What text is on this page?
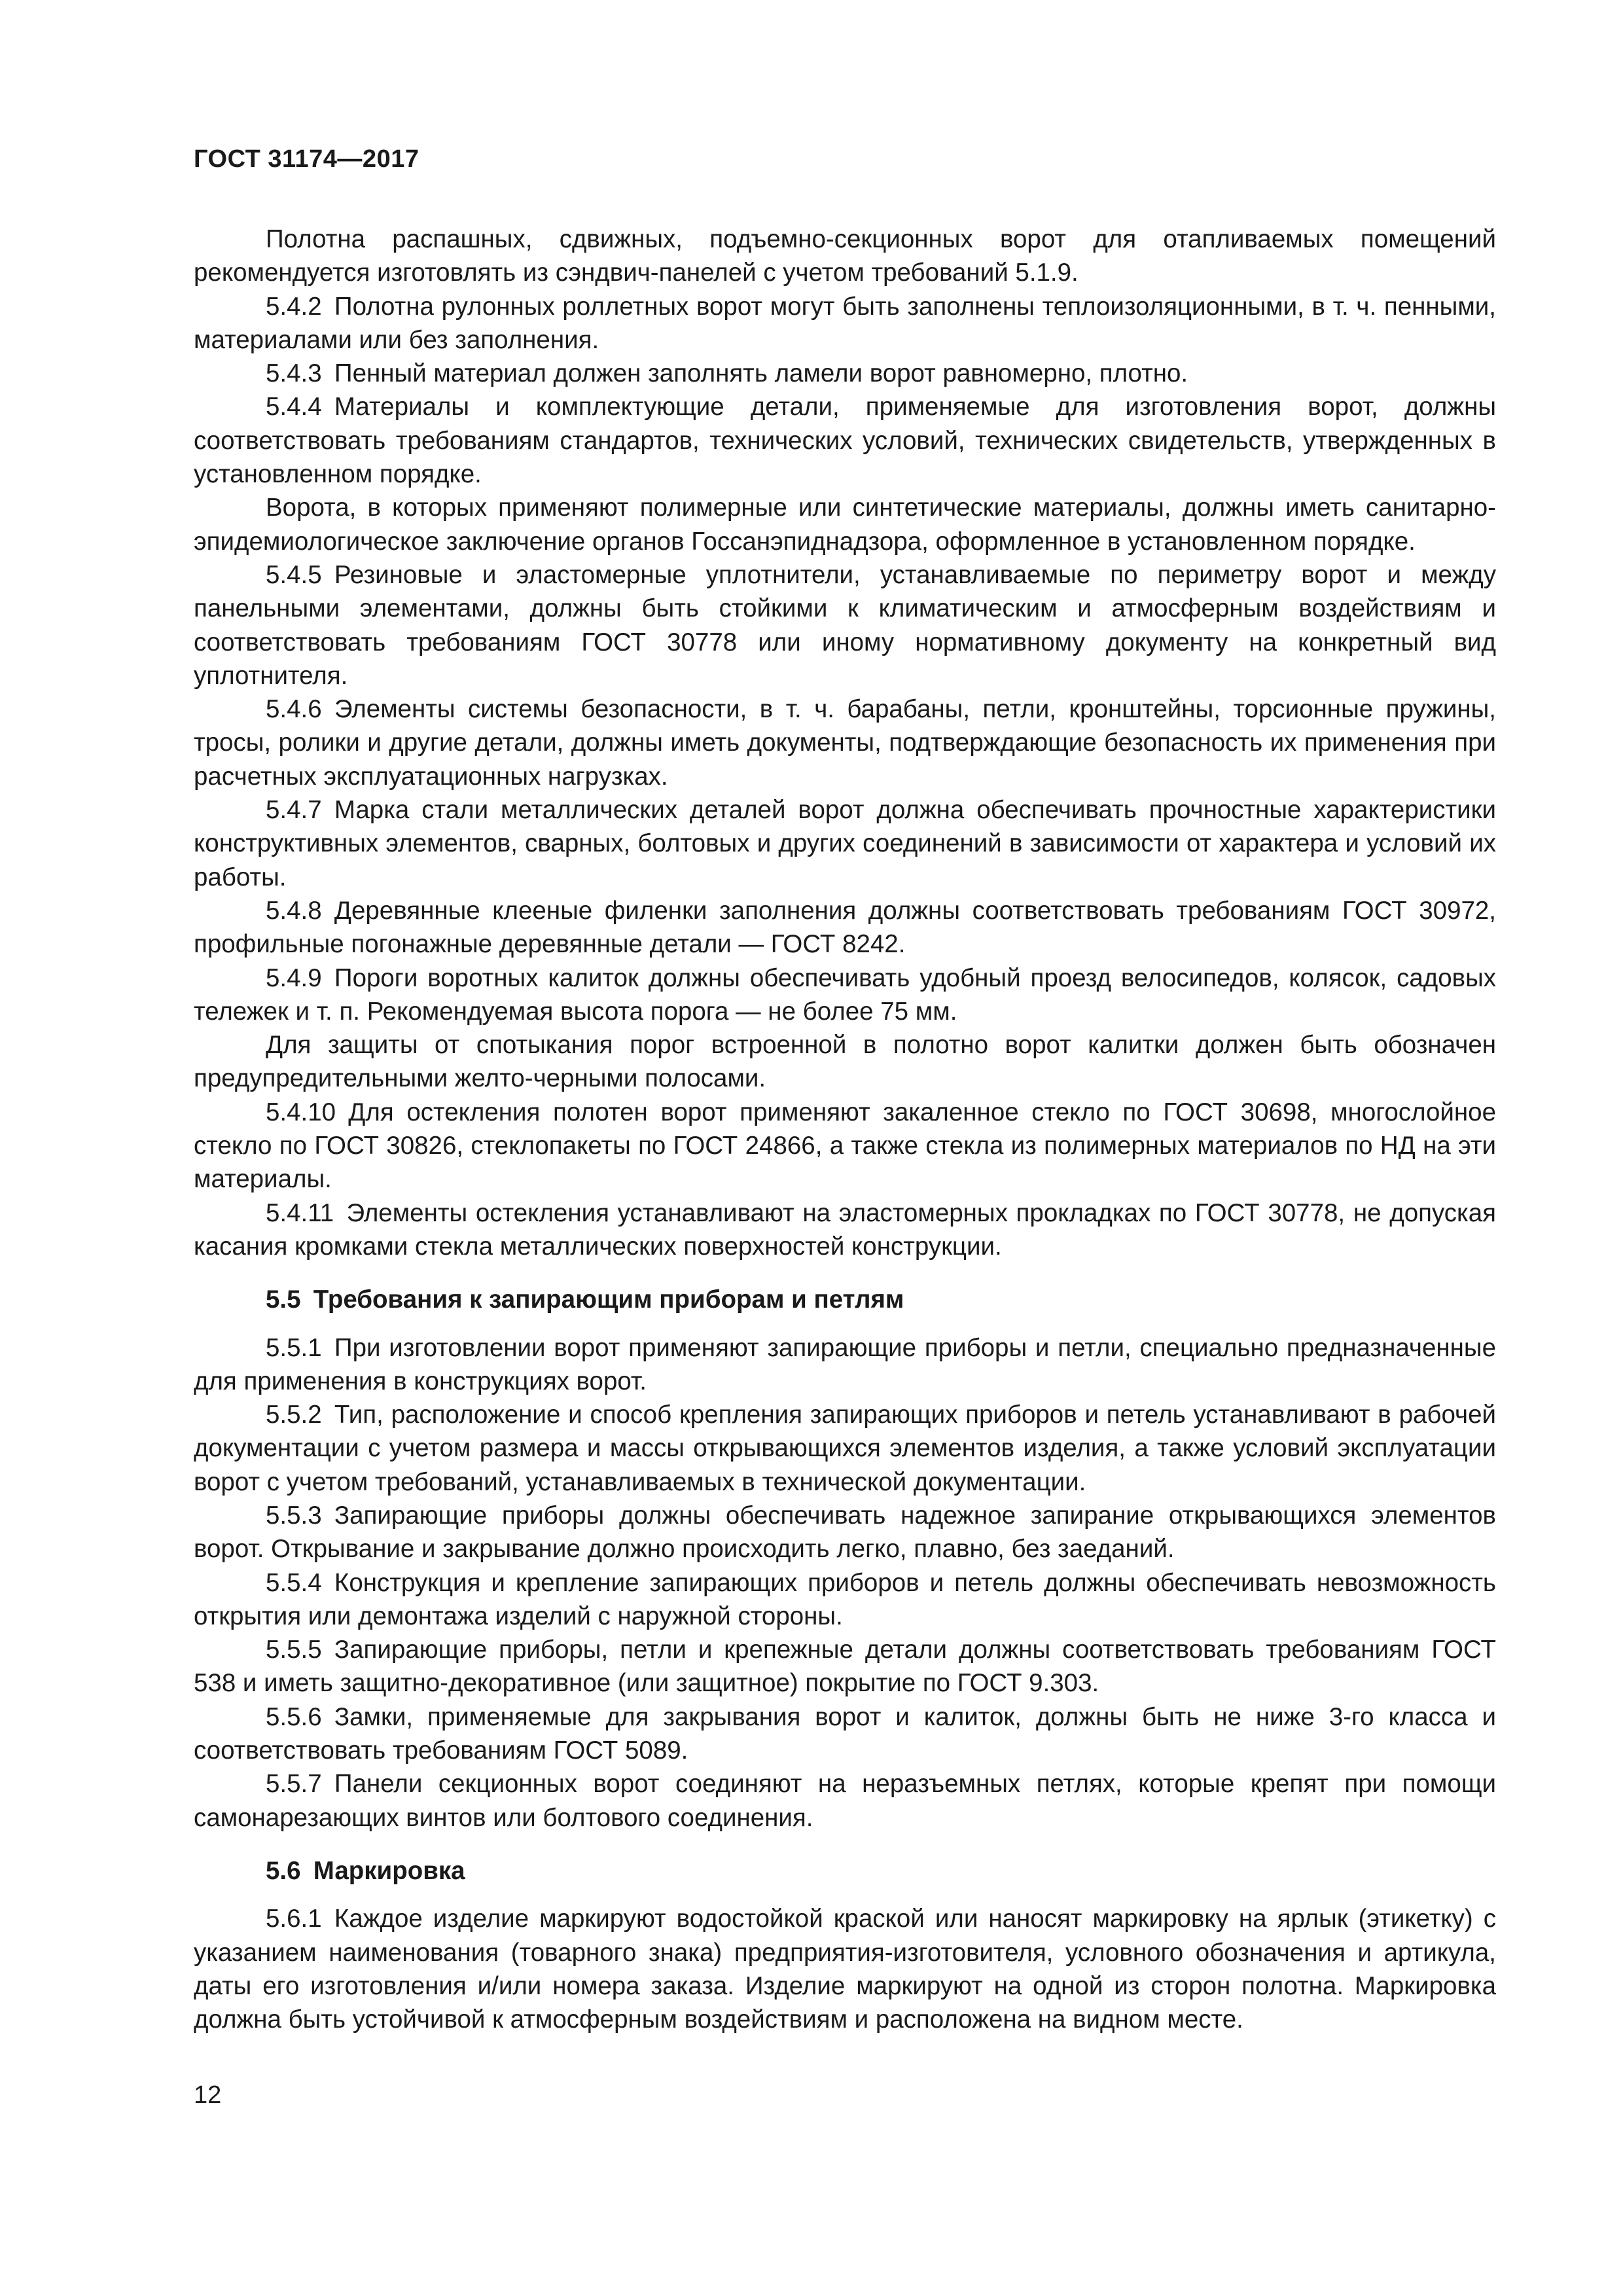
ГОСТ 31174—2017

Полотна распашных, сдвижных, подъемно-секционных ворот для отапливаемых помещений рекомендуется изготовлять из сэндвич-панелей с учетом требований 5.1.9.

5.4.2  Полотна рулонных роллетных ворот могут быть заполнены теплоизоляционными, в т. ч. пенными, материалами или без заполнения.

5.4.3  Пенный материал должен заполнять ламели ворот равномерно, плотно.

5.4.4  Материалы и комплектующие детали, применяемые для изготовления ворот, должны соответствовать требованиям стандартов, технических условий, технических свидетельств, утвержденных в установленном порядке.

Ворота, в которых применяют полимерные или синтетические материалы, должны иметь санитарно-эпидемиологическое заключение органов Госсанэпиднадзора, оформленное в установленном порядке.

5.4.5  Резиновые и эластомерные уплотнители, устанавливаемые по периметру ворот и между панельными элементами, должны быть стойкими к климатическим и атмосферным воздействиям и соответствовать требованиям ГОСТ 30778 или иному нормативному документу на конкретный вид уплотнителя.

5.4.6  Элементы системы безопасности, в т. ч. барабаны, петли, кронштейны, торсионные пружины, тросы, ролики и другие детали, должны иметь документы, подтверждающие безопасность их применения при расчетных эксплуатационных нагрузках.

5.4.7  Марка стали металлических деталей ворот должна обеспечивать прочностные характеристики конструктивных элементов, сварных, болтовых и других соединений в зависимости от характера и условий их работы.

5.4.8  Деревянные клееные филенки заполнения должны соответствовать требованиям ГОСТ 30972, профильные погонажные деревянные детали — ГОСТ 8242.

5.4.9  Пороги воротных калиток должны обеспечивать удобный проезд велосипедов, колясок, садовых тележек и т. п. Рекомендуемая высота порога — не более 75 мм.

Для защиты от спотыкания порог встроенной в полотно ворот калитки должен быть обозначен предупредительными желто-черными полосами.

5.4.10  Для остекления полотен ворот применяют закаленное стекло по ГОСТ 30698, многослойное стекло по ГОСТ 30826, стеклопакеты по ГОСТ 24866, а также стекла из полимерных материалов по НД на эти материалы.

5.4.11  Элементы остекления устанавливают на эластомерных прокладках по ГОСТ 30778, не допуская касания кромками стекла металлических поверхностей конструкции.

5.5  Требования к запирающим приборам и петлям

5.5.1  При изготовлении ворот применяют запирающие приборы и петли, специально предназначенные для применения в конструкциях ворот.

5.5.2  Тип, расположение и способ крепления запирающих приборов и петель устанавливают в рабочей документации с учетом размера и массы открывающихся элементов изделия, а также условий эксплуатации ворот с учетом требований, устанавливаемых в технической документации.

5.5.3  Запирающие приборы должны обеспечивать надежное запирание открывающихся элементов ворот. Открывание и закрывание должно происходить легко, плавно, без заеданий.

5.5.4  Конструкция и крепление запирающих приборов и петель должны обеспечивать невозможность открытия или демонтажа изделий с наружной стороны.

5.5.5  Запирающие приборы, петли и крепежные детали должны соответствовать требованиям ГОСТ 538 и иметь защитно-декоративное (или защитное) покрытие по ГОСТ 9.303.

5.5.6  Замки, применяемые для закрывания ворот и калиток, должны быть не ниже 3-го класса и соответствовать требованиям ГОСТ 5089.

5.5.7  Панели секционных ворот соединяют на неразъемных петлях, которые крепят при помощи самонарезающих винтов или болтового соединения.

5.6  Маркировка

5.6.1  Каждое изделие маркируют водостойкой краской или наносят маркировку на ярлык (этикетку) с указанием наименования (товарного знака) предприятия-изготовителя, условного обозначения и артикула, даты его изготовления и/или номера заказа. Изделие маркируют на одной из сторон полотна. Маркировка должна быть устойчивой к атмосферным воздействиям и расположена на видном месте.

12
